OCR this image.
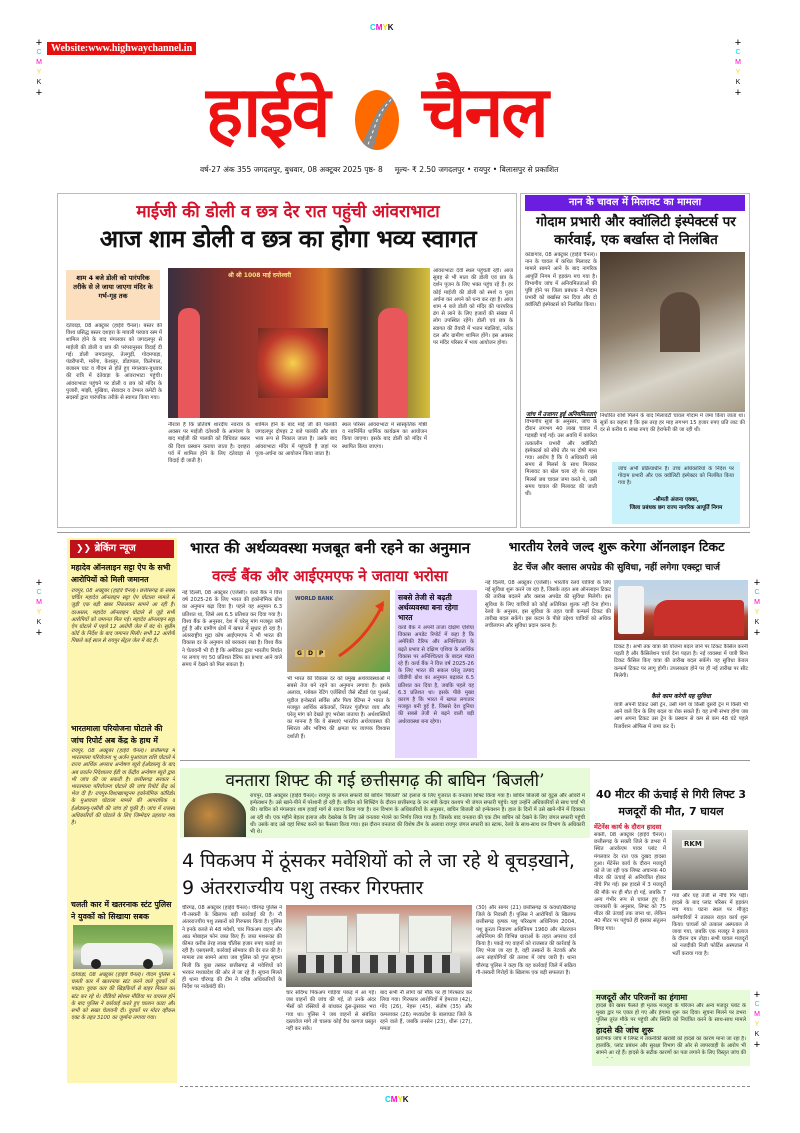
CMYK
CMYK
+
C
M
Y
K
+
+
C
M
Y
K
+
+
C
M
Y
K
+
+
C
M
Y
K
+
+
C
M
Y
K
+
Website:www.highwaychannel.in
हाईवे चैनल
वर्ष-27 अंक 355 जगदलपुर, बुधवार, 08 अक्टूबर 2025 पृष्ठ- 8 मूल्य- ₹ 2.50 जगदलपुर • रायपुर • बिलासपुर से प्रकाशित
माईजी की डोली व छत्र देर रात पहुंची आंवराभाटा
आज शाम डोली व छत्र का होगा भव्य स्वागत
शाम 4 बजे डोली को पारंपरिक तरीके से ले जाया जाएगा मंदिर के गर्भ-गृह तक
दंतेवाड़ा, 08 अक्टूबर (हाईवे चैनल)। बस्तर की विश्व प्रसिद्ध बस्तर दशहरा के मावली परघाव रस्म में शामिल होने के बाद मंगलवार को जगदलपुर से माईजी की डोली व छत्र की परंपरानुसार विदाई दी गई। डोली जगदलपुर, तेलगुड़ी, गोदमपाड़ा, पंडरीपानी, मारेंगा, केशलूर, डोंडापाल, किलेपाल, बजारम घाट व गीदम से होते हुए मंगलवार-बुधवार की रात्रि में दंतेवाड़ा के आंवराभाटा पहुंची। आंवराभाटा पहुंचने पर डोली व छत्र को मंदिर के पुजारी, मांझी, मुखिया, सेवादार व टेम्पल कमेटी के सदस्यों द्वारा पारंपरिक तरीके से स्वागत किया गया।
श्री श्री 1008 माईं दन्तेश्वरी
नौरात्रा है कि प्रतिवर्ष शारदीय नवरात्र के अवसर पर माईजी दंतेश्वरी के आमंत्रण के बाद माईजी की पालकी को विधिवत बस्तर की दिशा प्रस्थान कराया जाता है। दशहरा पर्व में शामिल होने के लिए दंतेवाड़ा से विदाई दी जाती है।
शामिल होने के बाद माई जी की पालकी जगदलपुर दोपहर 2 बजे पालकी और छत्र भव्य रूप से निकाल जाता है। उसके बाद आंवराभाटा मंदिर में पहुंचती है जहां पर पूजा-अर्चना का आयोजन किया जाता है।
स्थल परिसर आंवराभाटा में सांस्कृतिक गोष्ठी व नवनिर्मित धार्मिक कार्यक्रम का आयोजन किया जाएगा। इसके बाद डोली को मंदिर में स्थापित किया जाएगा।
आंवराभाटा देवी स्थल पहुंचती रही। आज सुबह से भी माता की डोली एवं छत्र के दर्शन पूजन के लिए भक्त पहुंच रहे हैं। हर कोई माईजी की डोली को स्पर्श व पूजा अर्चना कर अपने को धन्य कर रहा है। आज शाम 4 बजे डोली को मंदिर की पारंपरिक ढंग से लाने के लिए हजारों की संख्या में लोग उपस्थित रहेंगे। डोली एवं छत्र के स्वागत की तैयारी में भजन मंडलियां, नर्तक दल और ग्रामीण शामिल होंगे। इस अवसर पर मंदिर परिसर में भव्य आयोजन होगा।
नान के चावल में मिलावट का मामला
गोदाम प्रभारी और क्वॉलिटी इंस्पेक्टर्स पर कार्रवाई, एक बर्खास्त दो निलंबित
कोंडागांव, 08 अक्टूबर (हाईवे चैनल)। नान के चावल में कथित मिलावट के मामले सामने आने के बाद नागरिक आपूर्ति निगम में हड़कंप मच गया है। विभागीय जांच में अनियमितताओं की पुष्टि होने पर जिला प्रबंधक ने गोदाम प्रभारी को बर्खास्त कर दिया और दो क्वॉलिटी इंस्पेक्टर्स को निलंबित किया।
जांच में उजागर हुई अनियमितताएं
विभागीय सूत्रों के अनुसार, जांच के दौरान लगभग 40 लाख चावल में गड़बड़ी पाई गई। उस अवधि में कार्यरत तत्कालीन प्रभारी और क्वॉलिटी इंस्पेक्टर्स को सीधे तौर पर दोषी माना गया। आरोप है कि ये अधिकारी लंबे समय से मिलर्स के साथ मिलकर मिलावट का खेल चला रहे थे। राइस मिलर्स जब चावल जमा करते थे, उसी समय चावल की मिलावट की जाती थी।
निर्धारित राशि मिलने के बाद मिलावटी चावल गोदाम में जमा किया जाता था। सूत्रों का कहना है कि इस तरह हर माह लगभग 15 हजार रुपए प्रति लाट की दर से करीब 6 लाख रुपए की हेराफेरी की जा रही थी।
जांच अभी प्रक्रियाधीन है। उच्च अधिकारियों के निर्देश पर गोदाम प्रभारी और एक क्वॉलिटी इंस्पेक्टर को निलंबित किया गया है।
-श्रीमती अंजना एक्का,
जिला प्रबंधक छग राज्य नागरिक आपूर्ति निगम
❯❯ ब्रेकिंग न्यूज
महादेव ऑनलाइन सट्टा ऐप के सभी आरोपियों को मिली जमानत
रायपुर, 08 अक्टूबर (हाईवे चैनल)। छत्तीसगढ़ के सबसे चर्चित महादेव ऑनलाइन सट्टा ऐप घोटाला मामले से जुड़ी एक बड़ी खबर निकलकर सामने आ रही है। दरअसल, महादेव ऑनलाइन घोटाले से जुड़े सभी आरोपियों को जमानत मिल गई। महादेव ऑनलाइन सट्टा ऐप घोटाले में पहले 12 आरोपी जेल में बंद थे। सुप्रीम कोर्ट के निर्देश के बाद जमानत मिली। सभी 12 आरोपी पिछले कई साल से रायपुर सेंट्रल जेल में बंद हैं।
भारतमाला परियोजना घोटाले की जांच रिपोर्ट अब केंद्र के हाथ में
रायपुर, 08 अक्टूबर (हाईवे चैनल)। छत्तीसगढ़ में भारतमाला परियोजना भू अर्जन मुआवजा राशि घोटाले में राज्य आर्थिक अपराध अन्वेषण ब्यूरो ईओडब्ल्यू के बाद अब प्रवर्तन निदेशालय ईडी या केंद्रीय अन्वेषण ब्यूरो द्वारा भी जांच की जा सकती है। छत्तीसगढ़ सरकार ने भारतमाला परियोजना घोटाले की जांच रिपोर्ट केंद्र को भेज दी है। रायपुर-विशाखापट्टनम इकोनॉमिक कॉरिडोर के मुआवजा घोटाला मामले की आपराधिक व ईओडब्ल्यू-एसीबी की जांच हो चुकी है। जांच में राजस्व अधिकारियों की घोटाले के लिए जिम्मेदार ठहराया गया है।
चलती कार में खतरनाक स्टंट पुलिस ने युवकों को सिखाया सबक
दंतेवाड़ा, 08 अक्टूबर (हाईवे चैनल)। गीदम पुलिस ने चलती कार में खतरनाक स्टंट करने वाले युवकों को पकड़ा। युवक कार की खिड़कियों से बाहर निकल कर स्टंट कर रहे थे। वीडियो सोशल मीडिया पर वायरल होने के बाद पुलिस ने कार्रवाई करते हुए चालान काटा और सभी को सख्त चेतावनी दी। युवकों पर मोटर व्हीकल एक्ट के तहत 3100 का जुर्माना लगाया गया।
भारत की अर्थव्यवस्था मजबूत बनी रहने का अनुमान
वर्ल्ड बैंक और आईएमएफ ने जताया भरोसा
नई दिल्ली, 08 अक्टूबर (एजेंसी)। वर्ल्ड बैंक ने वित्त वर्ष 2025-26 के लिए भारत की इकोनॉमिक ग्रोथ का अनुमान बढ़ा दिया है। पहले यह अनुमान 6.3 प्रतिशत था, जिसे अब 6.5 प्रतिशत कर दिया गया है। विश्व बैंक के अनुसार, देश में घरेलू मांग मजबूत बनी हुई है और ग्रामीण क्षेत्रों में खपत में सुधार हो रहा है। अंतरराष्ट्रीय मुद्रा कोष आईएमएफ ने भी भारत की विकास दर के अनुमान को बरकरार रखा है। विश्व बैंक ने चेतावनी भी दी है कि अमेरिका द्वारा भारतीय निर्यात पर लगाए गए 50 प्रतिशत टैरिफ का प्रभाव आने वाले समय में देखने को मिल सकता है।
WORLD BANK
G	D	P
भी भारत की विकास दर को प्रमुख अर्थव्यवस्थाओं में सबसे तेज बने रहने का अनुमान लगाया है। इसके अलावा, ग्लोबल रेटिंग एजेंसियों जैसे स्टैंडर्ड एंड पुअर्स, मूडीज इन्वेस्टर्स सर्विस और फिच रेटिंग्स ने भारत के मजबूत आर्थिक संकेतकों, निरंतर पूंजीगत व्यय और घरेलू मांग को देखते हुए भरोसा जताया है। अर्थशास्त्रियों का मानना है कि ये संस्थाएं भारतीय अर्थव्यवस्था की स्थिरता और भविष्य की क्षमता पर व्यापक विश्वास दर्शाती हैं।
सबसे तेजी से बढ़ती अर्थव्यवस्था बना रहेगा भारत
वर्ल्ड बैंक ने अपनी ताजा दक्षिण एशिया विकास अपडेट रिपोर्ट में कहा है कि अमेरिकी टैरिफ और अनिश्चितता के बढ़ते प्रभाव से दक्षिण एशिया के आर्थिक विकास पर अनिश्चितता के बादल मंडरा रहे हैं। वर्ल्ड बैंक ने वित्त वर्ष 2025-26 के लिए भारत की सकल घरेलू उत्पाद जीडीपी ग्रोथ का अनुमान बढ़ाकर 6.5 प्रतिशत कर दिया है, जबकि पहले यह 6.3 प्रतिशत था। इसके पीछे मुख्य कारण है कि भारत में खपत लगातार मजबूत बनी हुई है, जिससे देश दुनिया की सबसे तेजी से बढ़ने वाली बड़ी अर्थव्यवस्था बना रहेगा।
भारतीय रेलवे जल्द शुरू करेगा ऑनलाइन टिकट
डेट चेंज और क्लास अपग्रेड की सुविधा, नहीं लगेगा एक्स्ट्रा चार्ज
नई दिल्ली, 08 अक्टूबर (एजेंसी)। भारतीय रेलवे यात्रियों के लिए नई सुविधा शुरू करने जा रहा है, जिसके तहत अब ऑनलाइन टिकट की तारीख बदलने और क्लास अपग्रेड की सुविधा मिलेगी। इस सुविधा के लिए यात्रियों को कोई अतिरिक्त शुल्क नहीं देना होगा। रेलवे के अनुसार, इस सुविधा के तहत यात्री कन्फर्म टिकट की तारीख बदल सकेंगे। इस कदम के पीछे उद्देश्य यात्रियों को अधिक लचीलापन और सुविधा प्रदान करना है।
टिकट है। अभी तक यात्रा की योजना बदल जाने पर टिकट कैंसिल करनी पड़ती है और कैंसिलेशन चार्ज देना पड़ता है। नई व्यवस्था में यात्री बिना टिकट कैंसिल किए यात्रा की तारीख बदल सकेंगे। यह सुविधा केवल कन्फर्म टिकट पर लागू होगी। उपलब्धता होने पर ही नई तारीख पर सीट मिलेगी।
कैसे काम करेगी यह सुविधा
यात्री अपनी टिकट उसी ट्रेन, उसी मार्ग या किसी दूसरी ट्रेन में किसी भी आने वाले दिन के लिए बदल या रोक सकते हैं। यह तभी संभव होगा जब आप अपना टिकट उस ट्रेन के प्रस्थान से कम से कम 48 घंटे पहले रिजर्वेशन ऑफिस में जमा कर दें।
वनतारा शिफ्ट की गई छत्तीसगढ़ की बाघिन ‘बिजली’
रायपुर, 08 अक्टूबर (हाईवे चैनल)। रायपुर के जंगल सफारी की बाघिन 'बिजली' को इलाज के लिए गुजरात के वनतारा शिफ्ट किया गया है। बाघिन बिजली को यूट्रस और ओवरी में इन्फेक्शन है। उसे खाने-पीने में परेशानी हो रही है। बाघिन को शिफ्टिंग के दौरान छत्तीसगढ़ के वन मंत्री केदार कश्यप भी जंगल सफारी पहुंचे। यहां उन्होंने अधिकारियों से साथ चर्चा भी की। बाघिन को मंगलवार शाम हवाई मार्ग से रवाना किया गया है। वन विभाग के अधिकारियों के अनुसार, बाघिन बिजली को इन्फेक्शन है। हाल के दिनों में उसे खाने-पीने में दिक्कत आ रही थी। एक महीने बेहतर इलाज और देखरेख के लिए उसे वनतारा भेजने का निर्णय लिया गया है। जिसके बाद वनतारा की एक टीम बाघिन को देखने के लिए जंगल सफारी पहुंची थी। उसके बाद उसे वहां शिफ्ट करने का फैसला किया गया। इस दौरान वनतारा की विशेष टीम के अलावा रायपुर जंगल सफारी का स्टाफ, रेलवे के साथ-साथ वन विभाग के अधिकारी भी थे।
4 पिकअप में ठूंसकर मवेशियों को ले जा रहे थे बूचड़खाने, 9 अंतरराज्यीय पशु तस्कर गिरफ्तार
चौरंगढ़, 08 अक्टूबर (हाईवे चैनल)। चौरंगढ़ पुलिस ने गौ-तस्करी के खिलाफ बड़ी कार्रवाई की है। नौ अंतरराज्यीय पशु तस्करों को गिरफ्तार किया है। पुलिस ने इनके कब्जे से 48 मवेशी, चार पिकअप वाहन और आठ मोबाइल फोन जब्त किए हैं। जब्त मशरूका की कीमत करीब तेरह लाख चौंतीस हजार रुपए बताई जा रही है। एसएसपी, कार्रवाई सोमवार की देर रात की है। मामला तब सामने आया जब पुलिस को गुप्त सूचना मिली कि कुछ तस्कर छत्तीसगढ़ से मवेशियों को भरकर मध्यप्रदेश की ओर ले जा रहे हैं। सूचना मिलते ही थाना चौरंगढ़ की टीम ने वरिष्ठ अधिकारियों के निर्देश पर नाकेबंदी की।
चार संदिग्ध पिकअप गाड़ियां पकड़ में आ गईं। जब वाहनों की जांच की गई, तो उनके अंदर भैंसों को रस्सियों से बांधकर ठूंस-ठूंसकर भरा गया था। पुलिस ने जब वाहनों से संबंधित दस्तावेज मांगे तो चालक कोई वैध कागज प्रस्तुत नहीं कर सके।
बाद सभी नौ लोगों को मौके पर ही गिरफ्तार कर लिया गया। गिरफ्तार आरोपियों में हेमराज (42), गोंद (26), नेहरू (45), संतोष (35) और कमलाकर (26) मध्यप्रदेश के बालाघाट जिले के रहने वाले हैं, जबकि तनसेन (23), धीरू (27), ममता
(30) और सागर (21) छत्तीसगढ़ के कवर्धा/खैरागढ़ जिले के निवासी हैं। पुलिस ने आरोपियों के खिलाफ छत्तीसगढ़ कृषक पशु परिरक्षण अधिनियम 2004, पशु क्रूरता निवारण अधिनियम 1960 और मोटरयान अधिनियम की विभिन्न धाराओं के तहत अपराध दर्ज किया है। पकड़े गए वाहनों को राजसात की कार्रवाई के लिए भेजा जा रहा है, वहीं तस्करों के नेटवर्क और अन्य सहयोगियों की तलाश में जांच जारी है। थाना चौरंगढ़ पुलिस ने कहा कि यह कार्रवाई जिले में सक्रिय गौ-तस्करी गिरोहों के खिलाफ एक बड़ी सफलता है।
40 मीटर की ऊंचाई से गिरी लिफ्ट 3 मजदूरों की मौत, 7 घायल
मेंटेनेंस कार्य के दौरान हादसा
सक्ती, 08 अक्टूबर (हाईवे चैनल)। छत्तीसगढ़ के सक्ती जिले के डभरा में स्थित आरकेएम पावर प्लांट में मंगलवार देर रात एक दुखद हादसा हुआ। मेंटेनेंस कार्य के दौरान मजदूरों को ले जा रही एक लिफ्ट अचानक 40 मीटर की ऊंचाई से अनियंत्रित होकर नीचे गिर गई। इस हादसे में 3 मजदूरों की मौके पर ही मौत हो गई, जबकि 7 अन्य गंभीर रूप से घायल हुए हैं। जानकारी के अनुसार, लिफ्ट को 75 मीटर की ऊंचाई तक जाना था, लेकिन 40 मीटर पर पहुंचते ही इसका संतुलन बिगड़ गया।
RKM
गया और यह तेजी से नीचे गिर पड़ी। हादसे के बाद प्लांट परिसर में हड़कंप मच गया। घटना स्थल पर मौजूद कर्मचारियों ने तत्काल राहत कार्य शुरू किया। घायलों को तत्काल अस्पताल ले जाया गया, जबकि एक मजदूर ने इलाज के दौरान दम तोड़ा। सभी घायल मजदूरों को नजदीकी निजी फोर्टिस अस्पताल में भर्ती कराया गया है।
मजदूरों और परिजनों का हंगामा
हादसे की खबर फैलते ही मृतक मजदूरों के परिजन और अन्य मजदूर प्लांट के मुख्य द्वार पर एकत्र हो गए और हंगामा शुरू कर दिया। सूचना मिलने पर डभरा पुलिस तुरंत मौके पर पहुंची और स्थिति को नियंत्रित करने के साथ-साथ मामले
हादसे की जांच शुरू
प्रारंभिक जांच में लिफ्ट में तकनीकी खराबी को हादसे का कारण माना जा रहा है। हालांकि, प्लांट प्रबंधन और सुरक्षा विभाग की ओर से लापरवाही के आरोप भी सामने आ रहे हैं। हादसे के सटीक कारणों का पता लगाने के लिए विस्तृत जांच की
